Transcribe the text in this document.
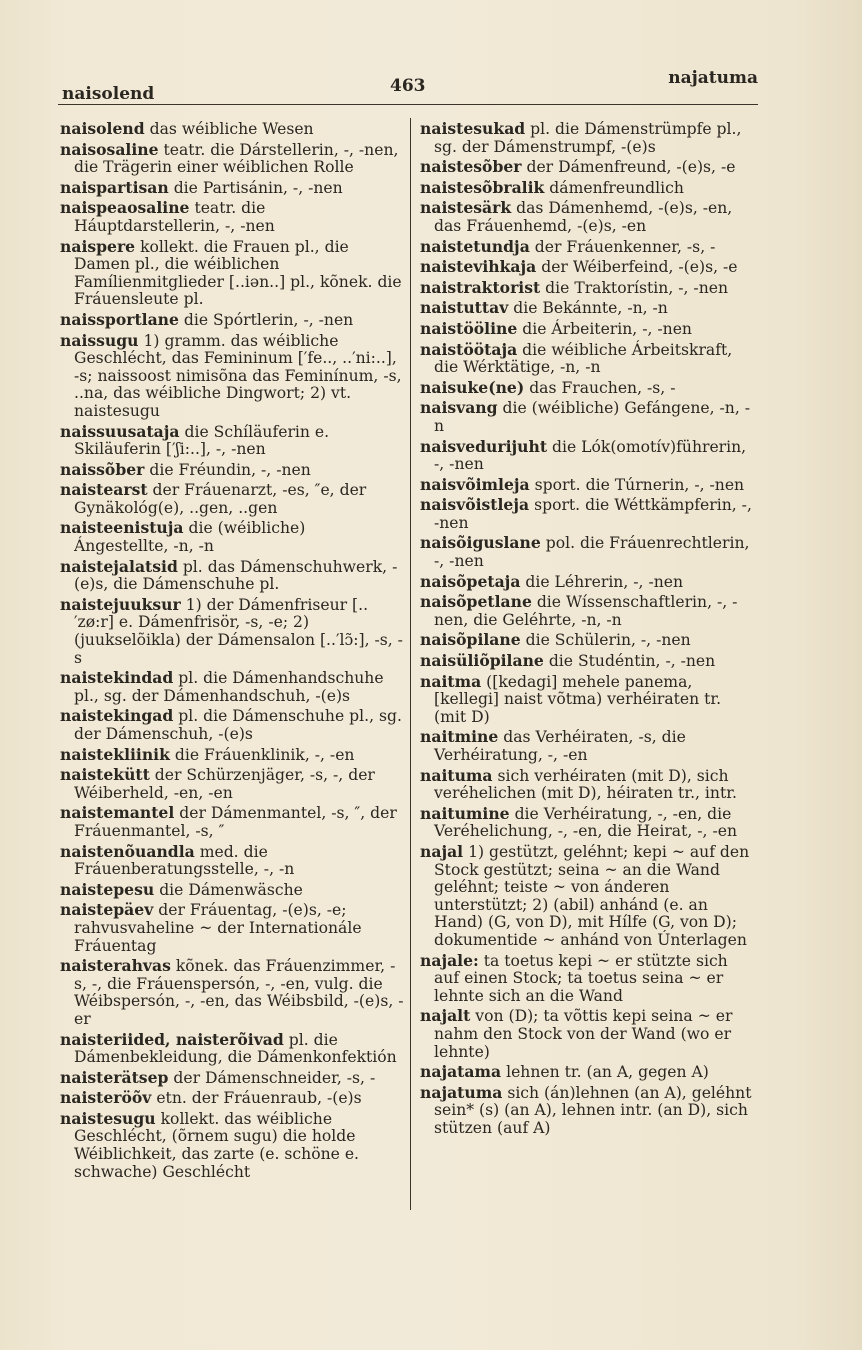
naisolend	463	najatuma
naisolend das wéibliche Wesen
naisosaline teatr. die Dárstellerin, -, -nen, die Trägerin einer wéiblichen Rolle
naispartisan die Partisánin, -, -nen
naispeaosaline teatr. die Háuptdarstellerin, -, -nen
naispere kollekt. die Frauen pl., die Damen pl., die wéiblichen Famílienmitglieder [..iən..] pl., kõnek. die Fráuensleute pl.
naissportlane die Spórtlerin, -, -nen
naissugu 1) gramm. das wéibliche Geschlécht, das Femininum [′fe.., ..′ni:..], -s; naissoost nimisõna das Feminínum, -s, ..na, das wéibliche Dingwort; 2) vt. naistesugu
naissuusataja die Schíläuferin e. Skiläuferin [′ʃi:..], -, -nen
naissõber die Fréundin, -, -nen
naistearst der Fráuenarzt, -es, ″e, der Gynäkológ(e), ..gen, ..gen
naisteenistuja die (wéibliche) Ángestellte, -n, -n
naistejalatsid pl. das Dámenschuhwerk, -(e)s, die Dámenschuhe pl.
naistejuuksur 1) der Dámenfriseur [..′zø:r] e. Dámenfrisör, -s, -e; 2) (juukselõikla) der Dámensalon [..′lɔ̃:], -s, -s
naistekindad pl. die Dámenhandschuhe pl., sg. der Dámenhandschuh, -(e)s
naistekingad pl. die Dámenschuhe pl., sg. der Dámenschuh, -(e)s
naistekliinik die Fráuenklinik, -, -en
naistekütt der Schürzenjäger, -s, -, der Wéiberheld, -en, -en
naistemantel der Dámenmantel, -s, ″, der Fráuenmantel, -s, ″
naistenõuandla med. die Fráuenberatungsstelle, -, -n
naistepesu die Dámenwäsche
naistepäev der Fráuentag, -(e)s, -e; rahvusvaheline ~ der Internationále Fráuentag
naisterahvas kõnek. das Fráuenzimmer, -s, -, die Fráuenspersón, -, -en, vulg. die Wéibspersón, -, -en, das Wéibsbild, -(e)s, -er
naisteriided, naisterõivad pl. die Dámenbekleidung, die Dámenkonfektión
naisterätsep der Dámenschneider, -s, -
naisteröõv etn. der Fráuenraub, -(e)s
naistesugu kollekt. das wéibliche Geschlécht, (õrnem sugu) die holde Wéiblichkeit, das zarte (e. schöne e. schwache) Geschlécht
naistesukad pl. die Dámenstrümpfe pl., sg. der Dámenstrumpf, -(e)s
naistesõber der Dámenfreund, -(e)s, -e
naistesõbralik dámenfreundlich
naistesärk das Dámenhemd, -(e)s, -en, das Fráuenhemd, -(e)s, -en
naistetundja der Fráuenkenner, -s, -
naistevihkaja der Wéiberfeind, -(e)s, -e
naistraktorist die Traktorístin, -, -nen
naistuttav die Bekánnte, -n, -n
naistööline die Árbeiterin, -, -nen
naistöötaja die wéibliche Árbeitskraft, die Wérktätige, -n, -n
naisuke(ne) das Frauchen, -s, -
naisvang die (wéibliche) Gefángene, -n, -n
naisvedurijuht die Lók(omotív)führerin, -, -nen
naisvõimleja sport. die Túrnerin, -, -nen
naisvõistleja sport. die Wéttkämpferin, -, -nen
naisõiguslane pol. die Fráuenrechtlerin, -, -nen
naisõpetaja die Léhrerin, -, -nen
naisõpetlane die Wíssenschaftlerin, -, -nen, die Geléhrte, -n, -n
naisõpilane die Schülerin, -, -nen
naisüliõpilane die Studéntin, -, -nen
naitma ([kedagi] mehele panema, [kellegi] naist võtma) verhéiraten tr. (mit D)
naitmine das Verhéiraten, -s, die Verhéiratung, -, -en
naituma sich verhéiraten (mit D), sich veréhelichen (mit D), héiraten tr., intr.
naitumine die Verhéiratung, -, -en, die Veréhelichung, -, -en, die Heirat, -, -en
najal 1) gestützt, geléhnt; kepi ~ auf den Stock gestützt; seina ~ an die Wand geléhnt; teiste ~ von ánderen unterstützt; 2) (abil) anhánd (e. an Hand) (G, von D), mit Hílfe (G, von D); dokumentide ~ anhánd von Únterlagen
najale: ta toetus kepi ~ er stützte sich auf einen Stock; ta toetus seina ~ er lehnte sich an die Wand
najalt von (D); ta võttis kepi seina ~ er nahm den Stock von der Wand (wo er lehnte)
najatama lehnen tr. (an A, gegen A)
najatuma sich (án)lehnen (an A), geléhnt sein* (s) (an A), lehnen intr. (an D), sich stützen (auf A)
